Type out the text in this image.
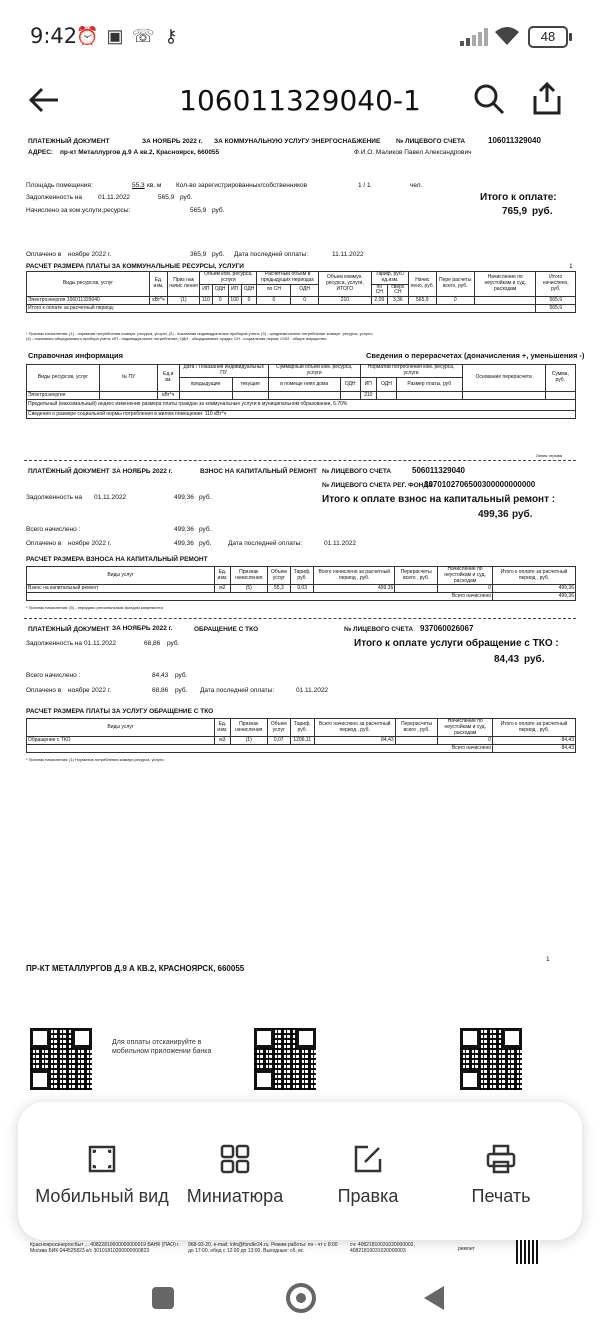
9:42
⏰ ▣ ☏ ⚷	48
106011329040-1
ПЛАТЕЖНЫЙ ДОКУМЕНТ	ЗА НОЯБРЬ 2022 г. ЗА КОММУНАЛЬНУЮ УСЛУГУ ЭНЕРГОСНАБЖЕНИЕ № ЛИЦЕВОГО СЧЕТА	106011329040
АДРЕС: пр-кт Металлургов д.9 А кв.2, Красноярск, 660055	Ф.И.О. Маликов Павел Александрович
Площадь помещения:	55,3 кв. м Кол-во зарегистрированных/собственников	1 / 1	чел.
Задолженность на 01.11.2022	565,9 руб.	Итого к оплате:
Начислено за ком.услуги,ресурсы:	565,9 руб.	765,9 руб.
Оплачено в ноябре 2022 г.	365,9 руб. Дата последней оплаты:	11.11.2022
РАСЧЕТ РАЗМЕРА ПЛАТЫ ЗА КОММУНАЛЬНЫЕ РЕСУРСЫ, УСЛУГИ	1
Виды ресурсов, услуг	Ед. изм.	Приз нак начис ления	Объем ком. ресурса, услуги				Расчетный объем в предыдущих периодах		Объем коммун. ресурса, услуги, ИТОГО	Тариф, руб./ед.изм.		Начис лено, руб.	Пере расчеты всего, руб.	Начисление по неустойкам и суд. расходам	Итого начислено, руб.
			ИП	ОДН	ИП	ОДН	по СН	ОДН		по СН	сверх СН				
Электроэнергия 106011329040	кВт*ч	(1)	110	0	100	0	0	0	210	2,09	3,36	565,9	0		565,9
Итого к оплате за расчетный период:															565,9
* Признак начисления: (1) - норматив потребления коммун. ресурса, услуги; (2) - показания индивидуальных приборов учета; (3) - среднемесячное потребление коммун. ресурса, услуги;
(4) - показания общедомового прибора учета; ИП - индивидуальное потребление; ОДН - общедомовые нужды; СН - социальная норма; СОИ - общее имущество
Справочная информация	Сведения о перерасчетах (доначисления +, уменьшения -)
Виды ресурсов, услуг	№ ПУ	Ед.и зм.	Дата / Показания индивидуальных ПУ		Суммарный объем ком. ресурса, услуги		Норматив потребления ком. ресурса, услуги			Основание перерасчета	Сумма, руб.
			предыдущие	текущие	в помеще ниях дома	ОДН	ИП	ОДН	Размер платы, руб		
Электроэнергия		кВт*ч					210				
Предельный (максимальный) индекс изменения размера платы граждан за коммунальные услуги в муниципальном образовании, 6.70%											
Сведения о размере социальной нормы потребления в жилом помещении: 110 кВт*ч											
Линия отрыва
ПЛАТЁЖНЫЙ ДОКУМЕНТ ЗА НОЯБРЬ 2022 г.	ВЗНОС НА КАПИТАЛЬНЫЙ РЕМОНТ № ЛИЦЕВОГО СЧЕТА	506011329040
№ ЛИЦЕВОГО СЧЕТА РЕГ. ФОНДА
3070102706500300000000000
Итого к оплате взнос на капитальный ремонт :
499,36 руб.
Задолженность на 01.11.2022	499,36 руб.
Всего начислено :	499,36 руб.
Оплачено в ноябре 2022 г.	499,36 руб.	Дата последней оплаты:	01.11.2022
РАСЧЕТ РАЗМЕРА ВЗНОСА НА КАПИТАЛЬНЫЙ РЕМОНТ
Виды услуг	Ед. изм.	Признак начисления	Объем услуг	Тариф, руб.	Всего начислено за расчетный период , руб.	Перерасчеты всего , руб.	Начисление по неустойкам и суд. расходам	Итого к оплате за расчетный период , руб.
Взнос на капитальный ремонт	м2	(5)	55,3	9,03	499,36		0	499,36
Всего начислено								499,36
* Признак начисления: (5) - передано региональным фондом капремонта
ПЛАТЁЖНЫЙ ДОКУМЕНТ ЗА НОЯБРЬ 2022 г.	ОБРАЩЕНИЕ С ТКО	№ ЛИЦЕВОГО СЧЕТА 937060026067
Задолженность на 01.11.2022	68,86 руб.	Итого к оплате услуги обращение с ТКО :
84,43 руб.
Всего начислено :	84,43 руб.
Оплачено в ноябре 2022 г.	68,86 руб. Дата последней оплаты:	01.11.2022
РАСЧЕТ РАЗМЕРА ПЛАТЫ ЗА УСЛУГУ ОБРАЩЕНИЕ С ТКО
Виды услуг	Ед. изм.	Признак начисления	Объем услуг	Тариф, руб.	Всего начислено за расчетный период , руб.	Перерасчеты всего , руб.	Начисление по неустойкам и суд. расходам	Итого к оплате за расчетный период , руб.
Обращение с ТКО	м3	(1)	0,07	1206,11	84,43		0	84,43
Всего начислено								84,43
* Признак начисления: (1) Норматив потребления коммун.ресурса, услуги
ПР-КТ МЕТАЛЛУРГОВ Д.9 А КВ.2, КРАСНОЯРСК, 660055
1
Для оплаты отсканируйте в мобильном приложении банка
Мобильный вид	Миниатюра	Правка	Печать
Красноярскэнергосбыт ... 40822810600000000019 БАНК (ПАО) г. Москва БИК 044525823 к/с 30101810200000000823
968-93-20, e-mail: info@fondkr24.ru. Режим работы: пн - чт с 8:00 до 17:00, обед с 12:00 до 13:00. Выходные: сб, вс.
сч: 40821810031020000002, 40821810031020000003	ремонт
